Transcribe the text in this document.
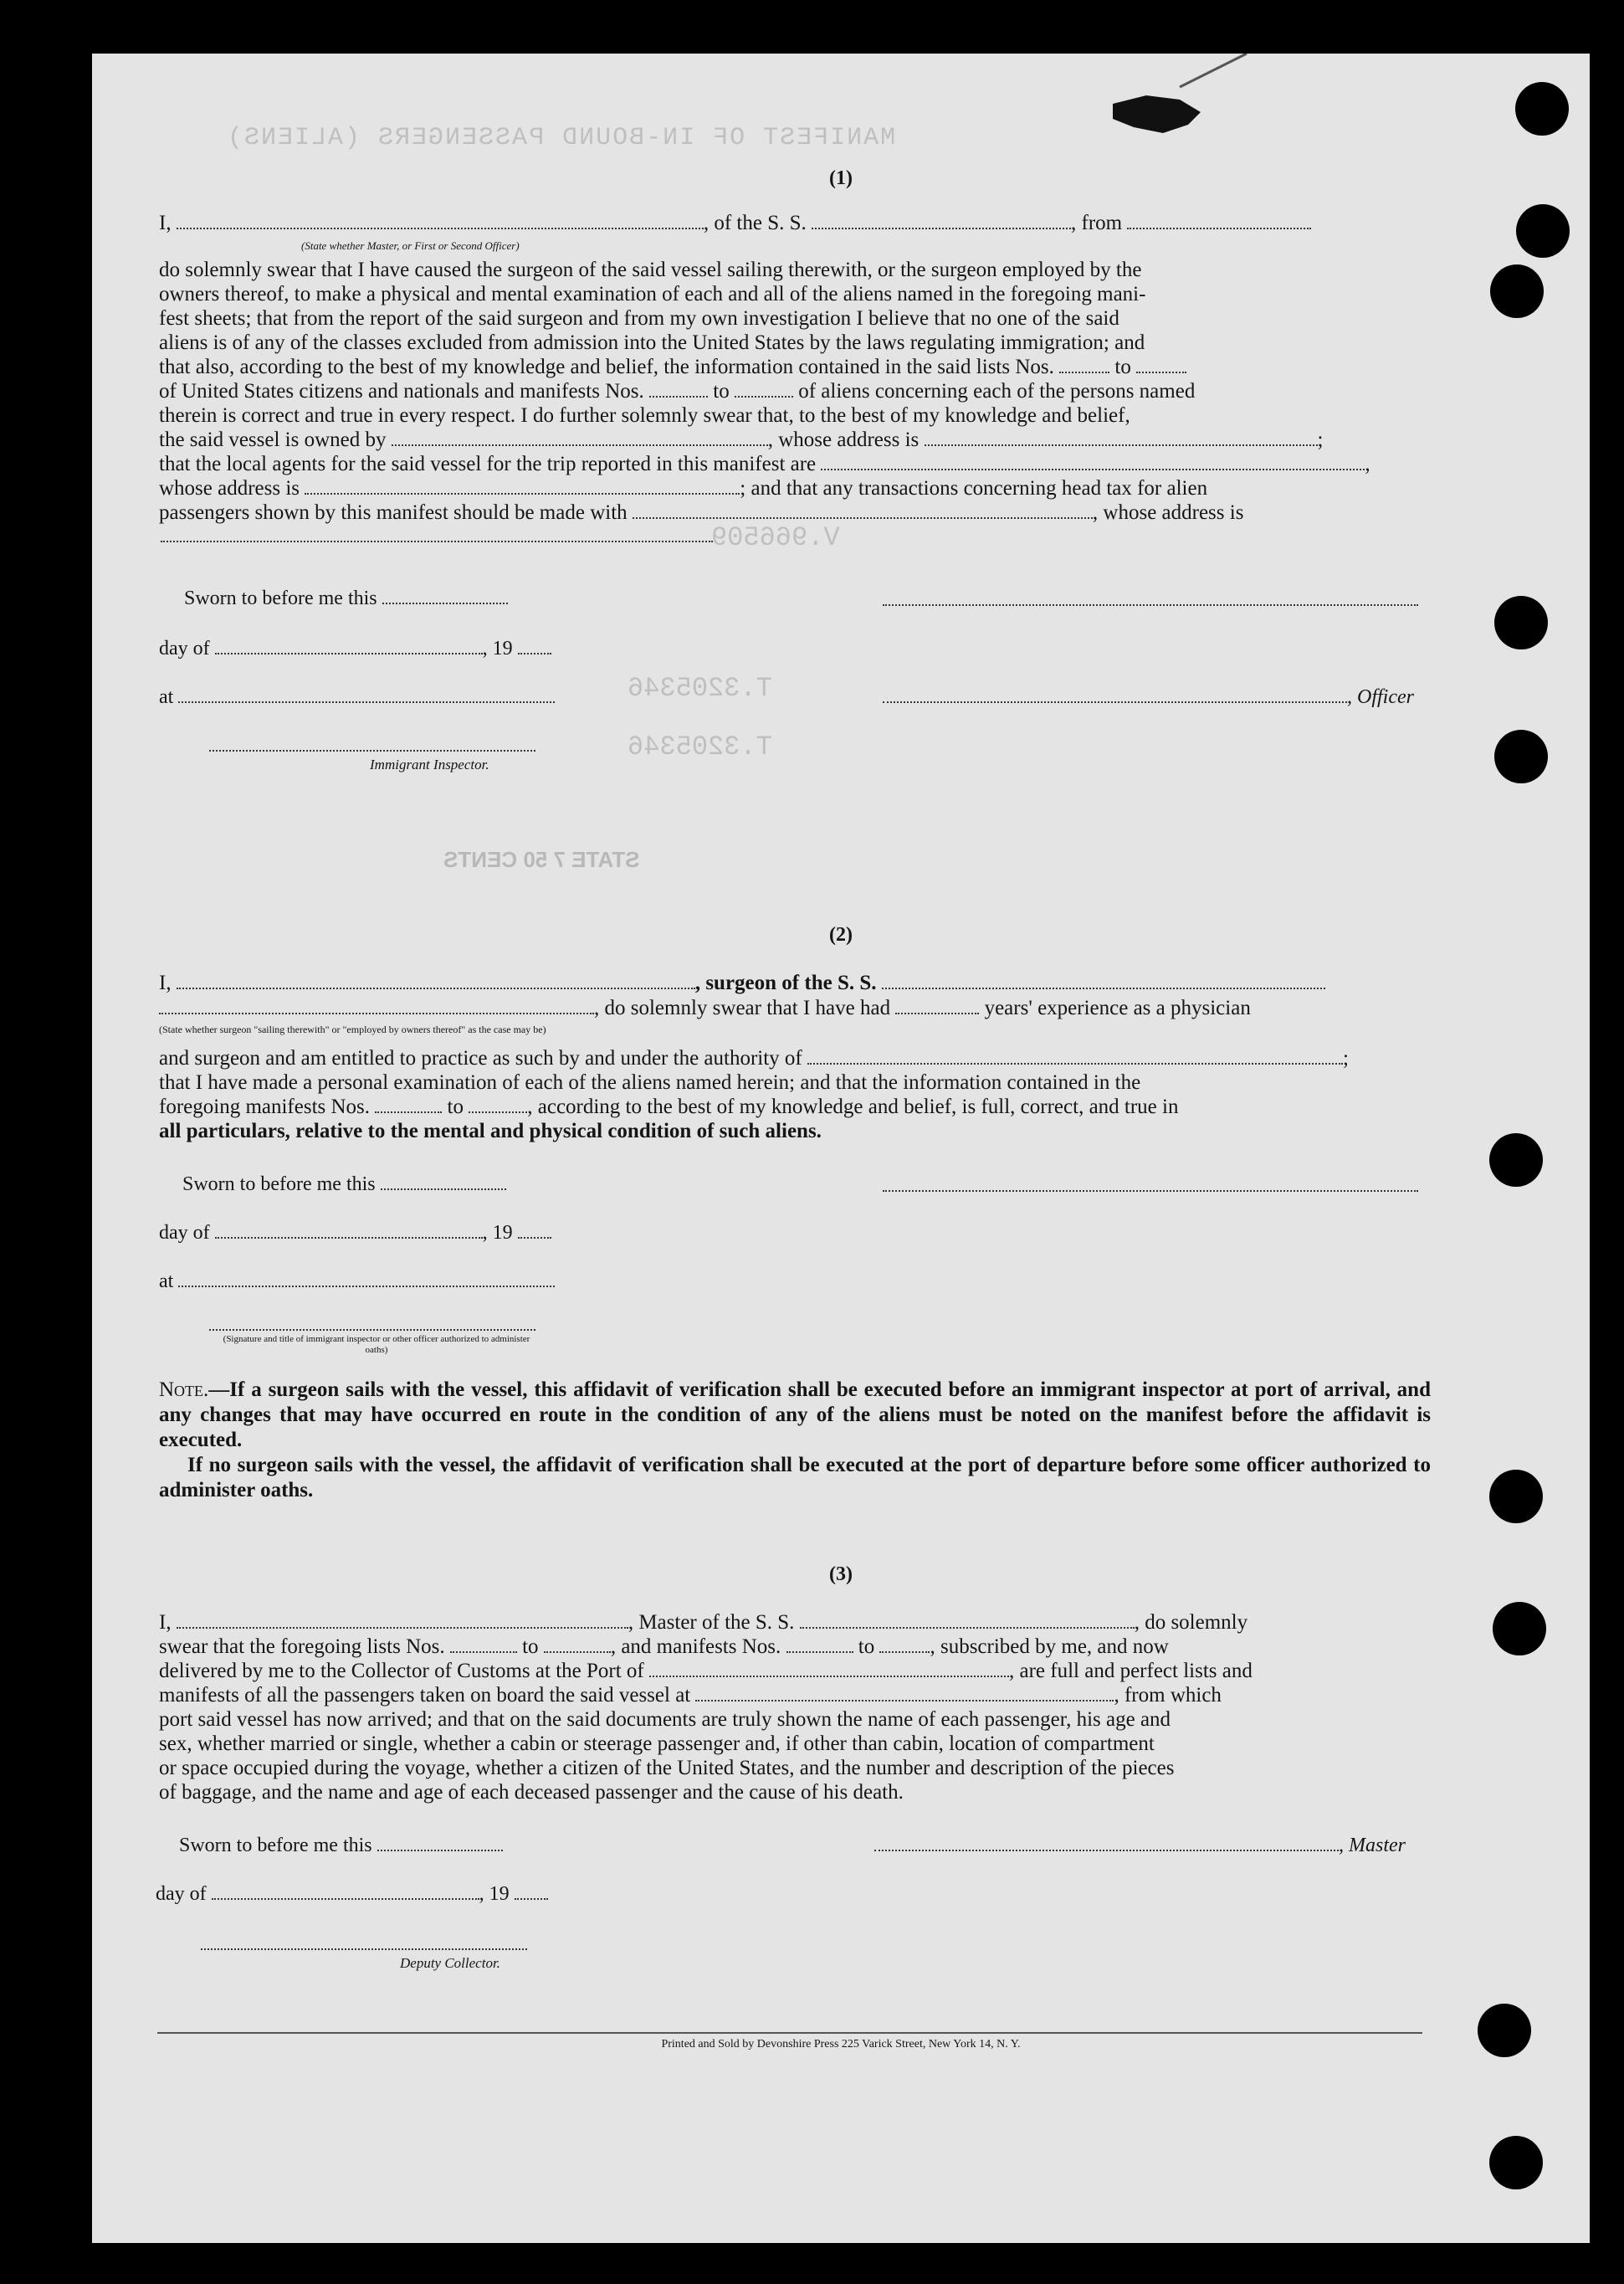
MANIFEST OF IN-BOUND PASSENGERS (ALIENS)
V.966509
T.3205346
T.3205346
STATE 7 50 CENTS
(1)
I,	, of the S. S.	, from
(State whether Master, or First or Second Officer)
do solemnly swear that I have caused the surgeon of the said vessel sailing therewith, or the surgeon employed by the
owners thereof, to make a physical and mental examination of each and all of the aliens named in the foregoing mani-
fest sheets; that from the report of the said surgeon and from my own investigation I believe that no one of the said
aliens is of any of the classes excluded from admission into the United States by the laws regulating immigration; and
that also, according to the best of my knowledge and belief, the information contained in the said lists Nos.	to
of United States citizens and nationals and manifests Nos.	to	of aliens concerning each of the persons named
therein is correct and true in every respect. I do further solemnly swear that, to the best of my knowledge and belief,
the said vessel is owned by	, whose address is	;
that the local agents for the said vessel for the trip reported in this manifest are	,
whose address is	; and that any transactions concerning head tax for alien
passengers shown by this manifest should be made with	, whose address is
Sworn to before me this
day of	, 19
at	, Officer
Immigrant Inspector.
(2)
I,	, surgeon of the S. S.
, do solemnly swear that I have had	years' experience as a physician
(State whether surgeon "sailing therewith" or "employed by owners thereof" as the case may be)
and surgeon and am entitled to practice as such by and under the authority of	;
that I have made a personal examination of each of the aliens named herein; and that the information contained in the
foregoing manifests Nos.	to	, according to the best of my knowledge and belief, is full, correct, and true in
all particulars, relative to the mental and physical condition of such aliens.
Sworn to before me this
day of	, 19
at
(Signature and title of immigrant inspector or other officer authorized to administer oaths)
Note.—If a surgeon sails with the vessel, this affidavit of verification shall be executed before an immigrant inspector at port of arrival, and any changes that may have occurred en route in the condition of any of the aliens must be noted on the manifest before the affidavit is executed.
If no surgeon sails with the vessel, the affidavit of verification shall be executed at the port of departure before some officer authorized to administer oaths.
(3)
I,	, Master of the S. S.	, do solemnly
swear that the foregoing lists Nos.	to	, and manifests Nos.	to	, subscribed by me, and now
delivered by me to the Collector of Customs at the Port of	, are full and perfect lists and
manifests of all the passengers taken on board the said vessel at	, from which
port said vessel has now arrived; and that on the said documents are truly shown the name of each passenger, his age and
sex, whether married or single, whether a cabin or steerage passenger and, if other than cabin, location of compartment
or space occupied during the voyage, whether a citizen of the United States, and the number and description of the pieces
of baggage, and the name and age of each deceased passenger and the cause of his death.
Sworn to before me this	, Master
day of	, 19
Deputy Collector.
Printed and Sold by Devonshire Press 225 Varick Street, New York 14, N. Y.
